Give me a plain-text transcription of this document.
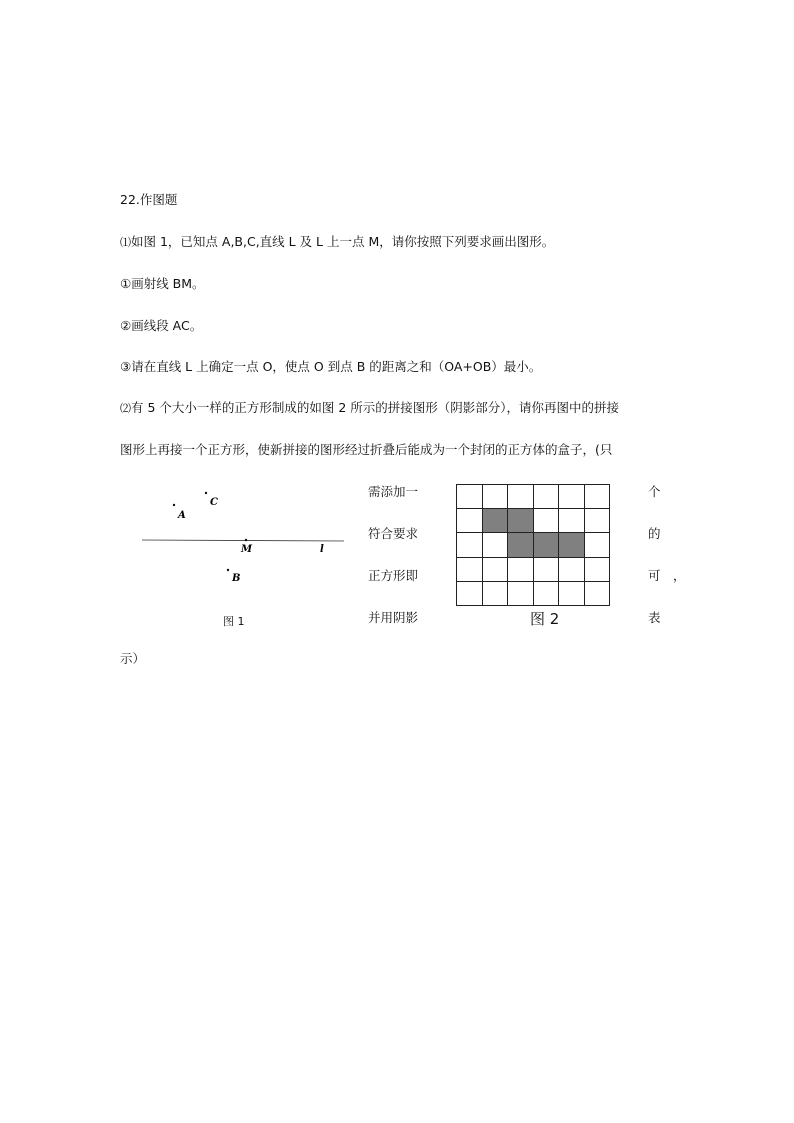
22.作图题
⑴如图 1，已知点 A,B,C,直线 L 及 L 上一点 M，请你按照下列要求画出图形。
①画射线 BM。
②画线段 AC。
③请在直线 L 上确定一点 O，使点 O 到点 B 的距离之和（OA+OB）最小。
⑵有 5 个大小一样的正方形制成的如图 2 所示的拼接图形（阴影部分），请你再图中的拼接
图形上再接一个正方形，使新拼接的图形经过折叠后能成为一个封闭的正方体的盒子，(只
需添加一
符合要求
正方形即
并用阴影
个
的
可　，
表
示）
A
C
M	l
B
图 1	图 2
